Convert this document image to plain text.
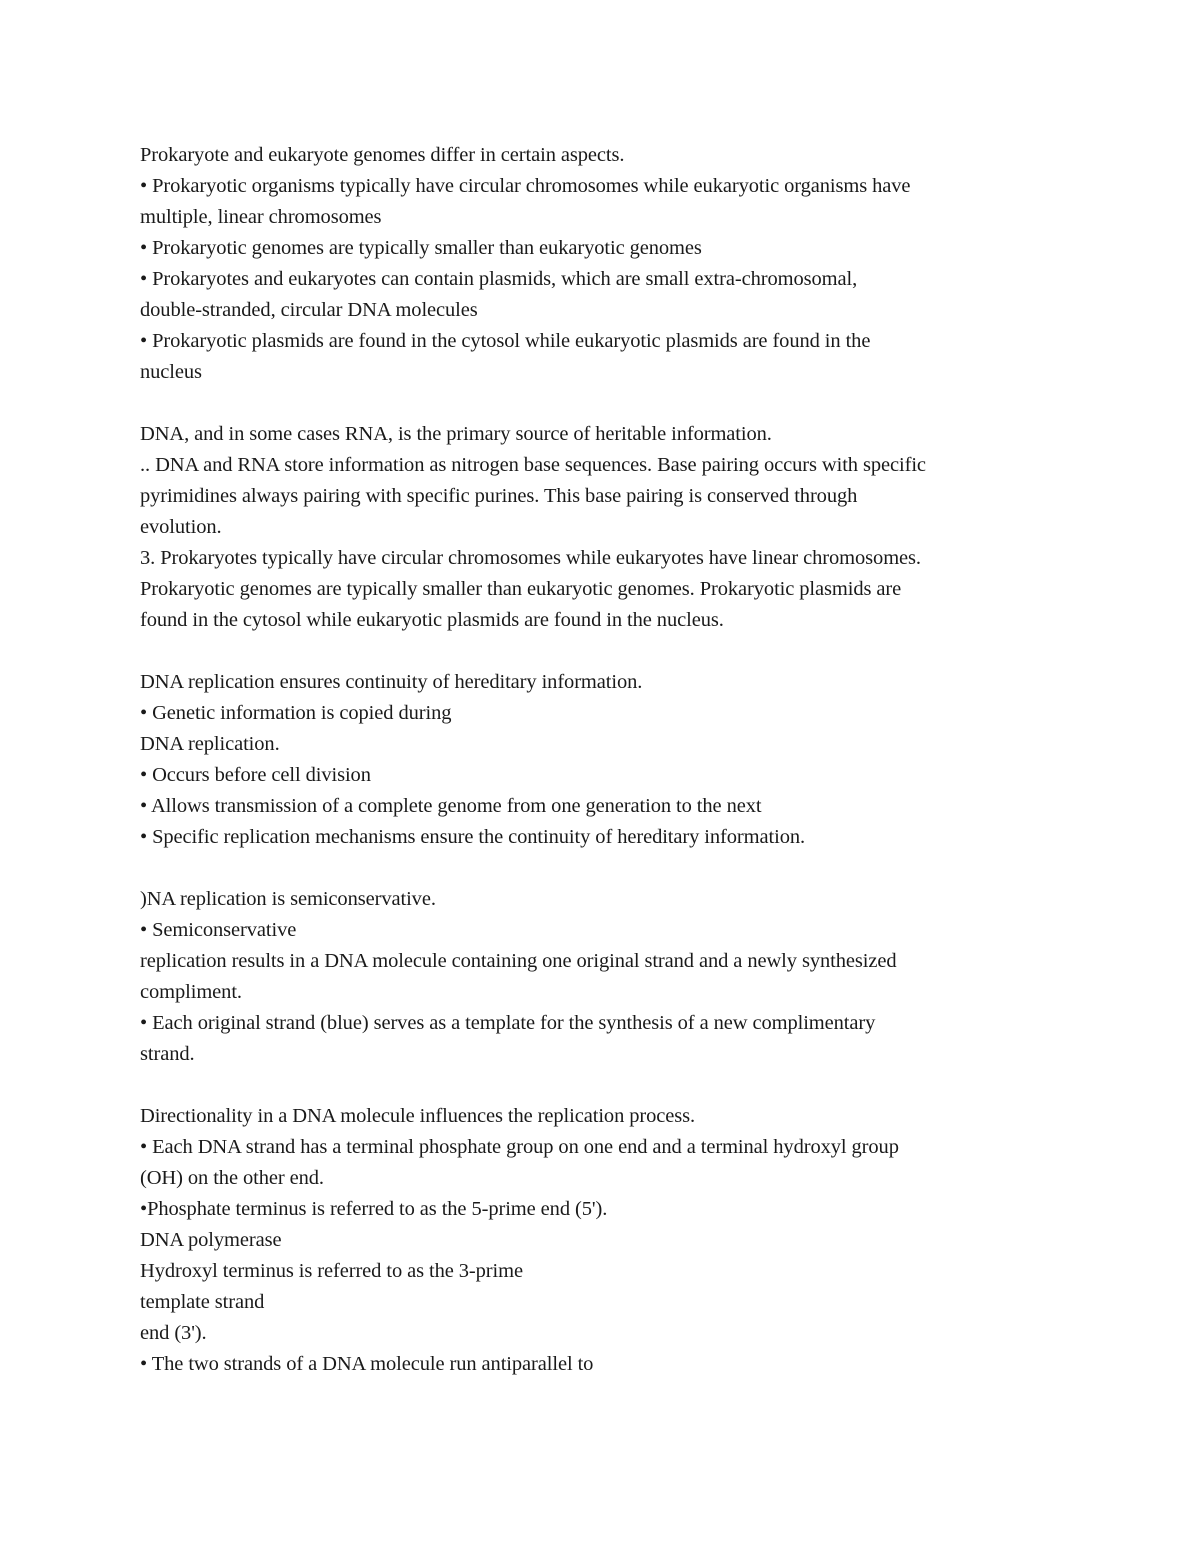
Prokaryote and eukaryote genomes differ in certain aspects.
• Prokaryotic organisms typically have circular chromosomes while eukaryotic organisms have
multiple, linear chromosomes
• Prokaryotic genomes are typically smaller than eukaryotic genomes
• Prokaryotes and eukaryotes can contain plasmids, which are small extra-chromosomal,
double-stranded, circular DNA molecules
• Prokaryotic plasmids are found in the cytosol while eukaryotic plasmids are found in the
nucleus
DNA, and in some cases RNA, is the primary source of heritable information.
.. DNA and RNA store information as nitrogen base sequences. Base pairing occurs with specific
pyrimidines always pairing with specific purines. This base pairing is conserved through
evolution.
3. Prokaryotes typically have circular chromosomes while eukaryotes have linear chromosomes.
Prokaryotic genomes are typically smaller than eukaryotic genomes. Prokaryotic plasmids are
found in the cytosol while eukaryotic plasmids are found in the nucleus.
DNA replication ensures continuity of hereditary information.
• Genetic information is copied during
DNA replication.
• Occurs before cell division
• Allows transmission of a complete genome from one generation to the next
• Specific replication mechanisms ensure the continuity of hereditary information.
)NA replication is semiconservative.
• Semiconservative
replication results in a DNA molecule containing one original strand and a newly synthesized
compliment.
• Each original strand (blue) serves as a template for the synthesis of a new complimentary
strand.
Directionality in a DNA molecule influences the replication process.
• Each DNA strand has a terminal phosphate group on one end and a terminal hydroxyl group
(OH) on the other end.
•Phosphate terminus is referred to as the 5-prime end (5').
DNA polymerase
Hydroxyl terminus is referred to as the 3-prime
template strand
end (3').
• The two strands of a DNA molecule run antiparallel to
